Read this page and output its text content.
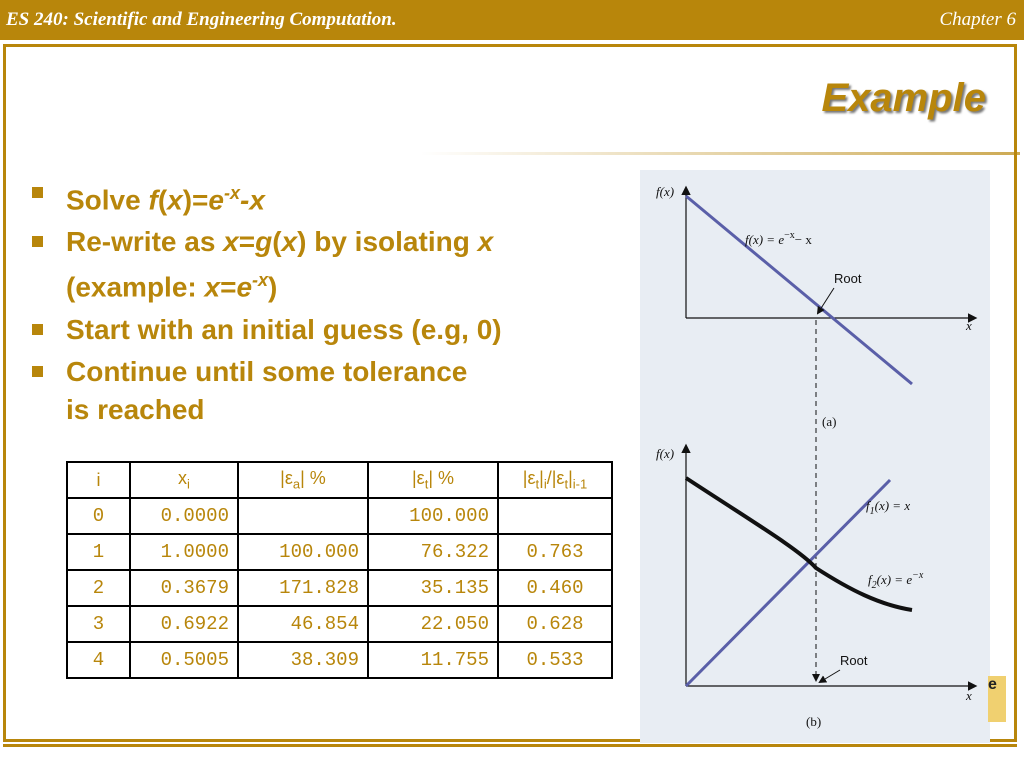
ES 240: Scientific and Engineering Computation.	Chapter 6
Example
Solve $f(x)=e^{-x}-x$
Re-write as x=g(x) by isolating x
(example: $x=e^{-x}$)
Start with an initial guess (e.g, 0)
Continue until some tolerance
is reached
i	$x_i$	$|\varepsilon_a|$ %	$|\varepsilon_t|$ %	$|\varepsilon_t|_i/|\varepsilon_t|_{i-1}$
0	0.0000		100.000	
1	1.0000	100.000	76.322	0.763
2	0.3679	171.828	35.135	0.460
3	0.6922	46.854	22.050	0.628
4	0.5005	38.309	11.755	0.533
f(x)
x
$f(x) = e^{-x}- x$
Root
(a)
f(x)
x
$f_1(x) = x$
$f_2(x) = e^{-x}$
Root
(b)
e
